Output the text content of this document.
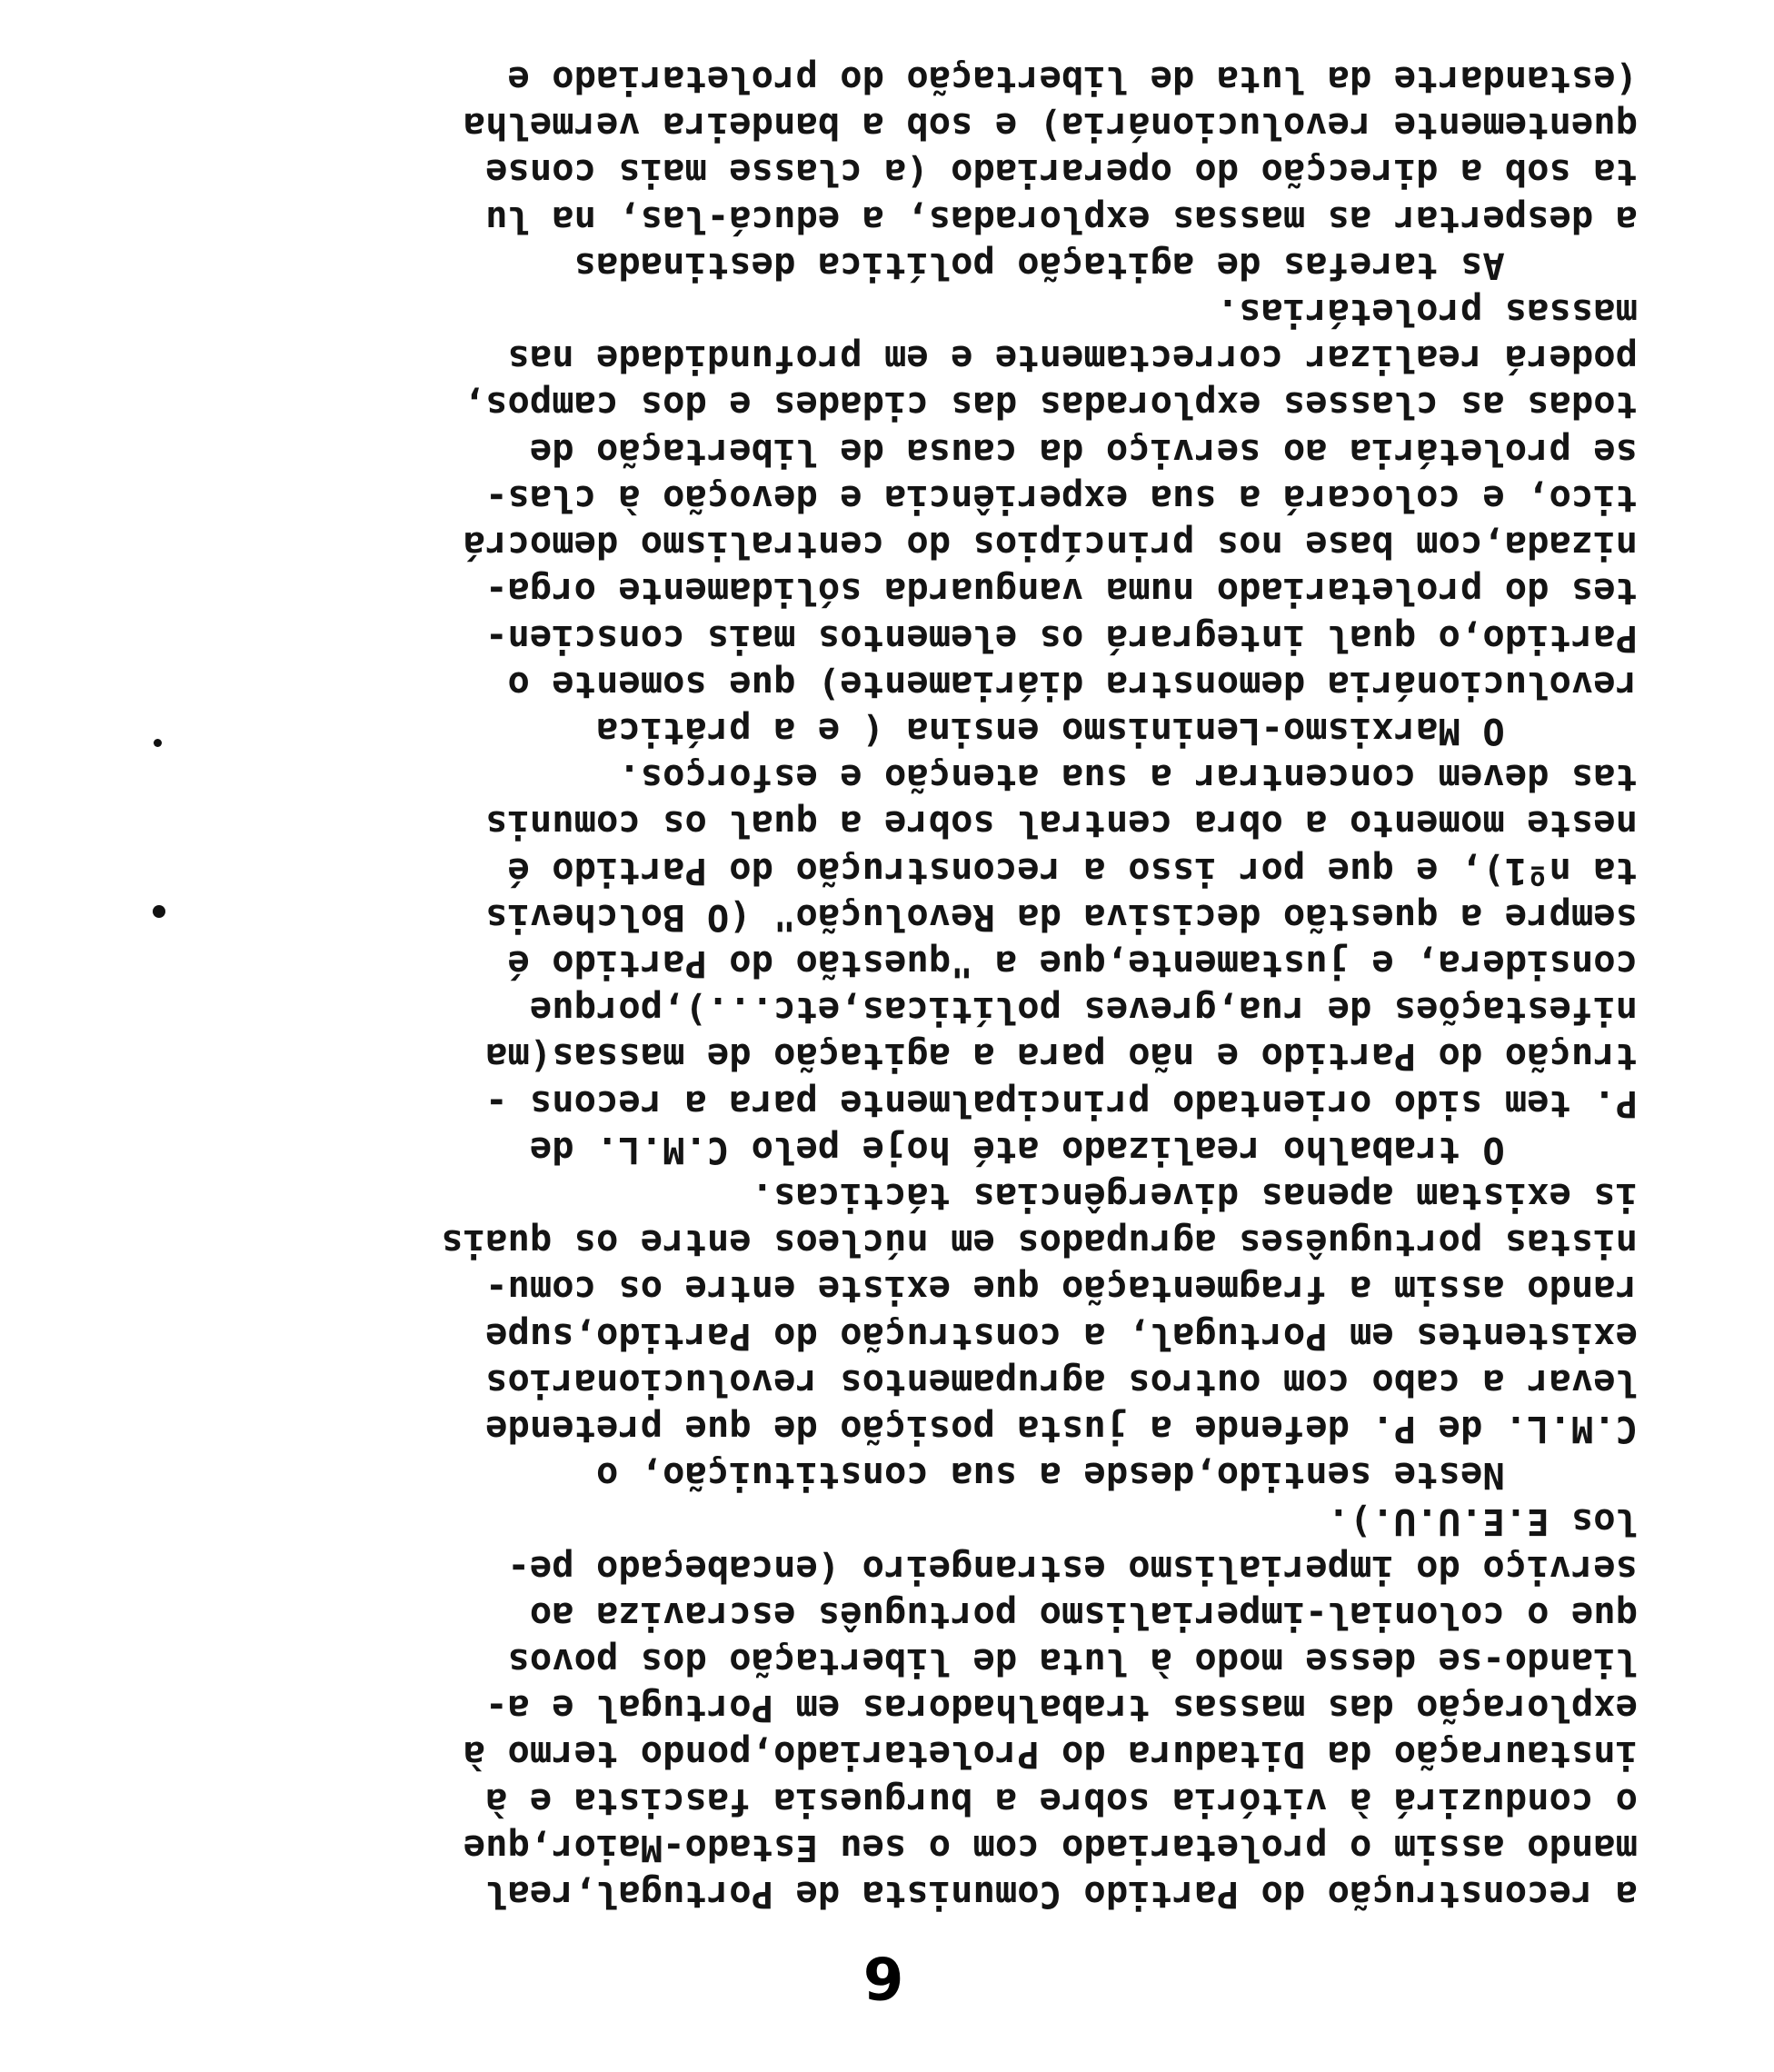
6
a reconstrução do Partido Comunista de Portugal,real
mando assim o proletariado com o seu Estado-Maior,que
o conduzirá à vitória sobre a burguesia fascista e à
instauração da Ditadura do Proletariado,pondo termo à
exploração das massas trabalhadoras em Portugal e a-
liando-se desse modo à luta de libertação dos povos
que o colonial-imperialismo português escraviza ao
serviço do imperialismo estrangeiro (encabeçado pe-
los E.E.U.U.).
Neste sentido,desde a sua constituição, o
C.M.L. de P. defende a justa posição de que pretende
levar a cabo com outros agrupamentos revolucionarios
existentes em Portugal, a construção do Partido,supe
rando assim a fragmentação que existe entre os comu-
nistas portuguêses agrupados em núcleos entre os quais
is existam apenas divergências tácticas.
O trabalho realizado até hoje pelo C.M.L. de
P. tem sido orientado principalmente para a recons -
trução do Partido e não para a agitação de massas(ma
nifestações de rua,greves políticas,etc...),porque
considera, e justamente,que a "questão do Partido é
sempre a questão decisiva da Revolução" (O Bolchevis
ta nº1), e que por isso a reconstrução do Partido é
neste momento a obra central sobre a qual os comunis
tas devem concentrar a sua atenção e esforços.
O Marxismo-Leninismo ensina ( e a prática
revolucionária demonstra diáriamente) que somente o
Partido,o qual integrará os elementos mais conscien-
tes do proletariado numa vanguarda sólidamente orga-
nizada,com base nos princípios do centralismo democrá
tico, e colocará a sua experiência e devoção à clas-
se proletária ao serviço da causa de libertação de
todas as classes exploradas das cidades e dos campos,
poderá realizar correctamente e em profundidade nas
massas proletárias.
As tarefas de agitação política destinadas
a despertar as massas exploradas, a educá-las, na lu
ta sob a direcção do operariado (a classe mais conse
quentemente revolucionária) e sob a bandeira vermelha
(estandarte da luta de libertação do proletariado e
